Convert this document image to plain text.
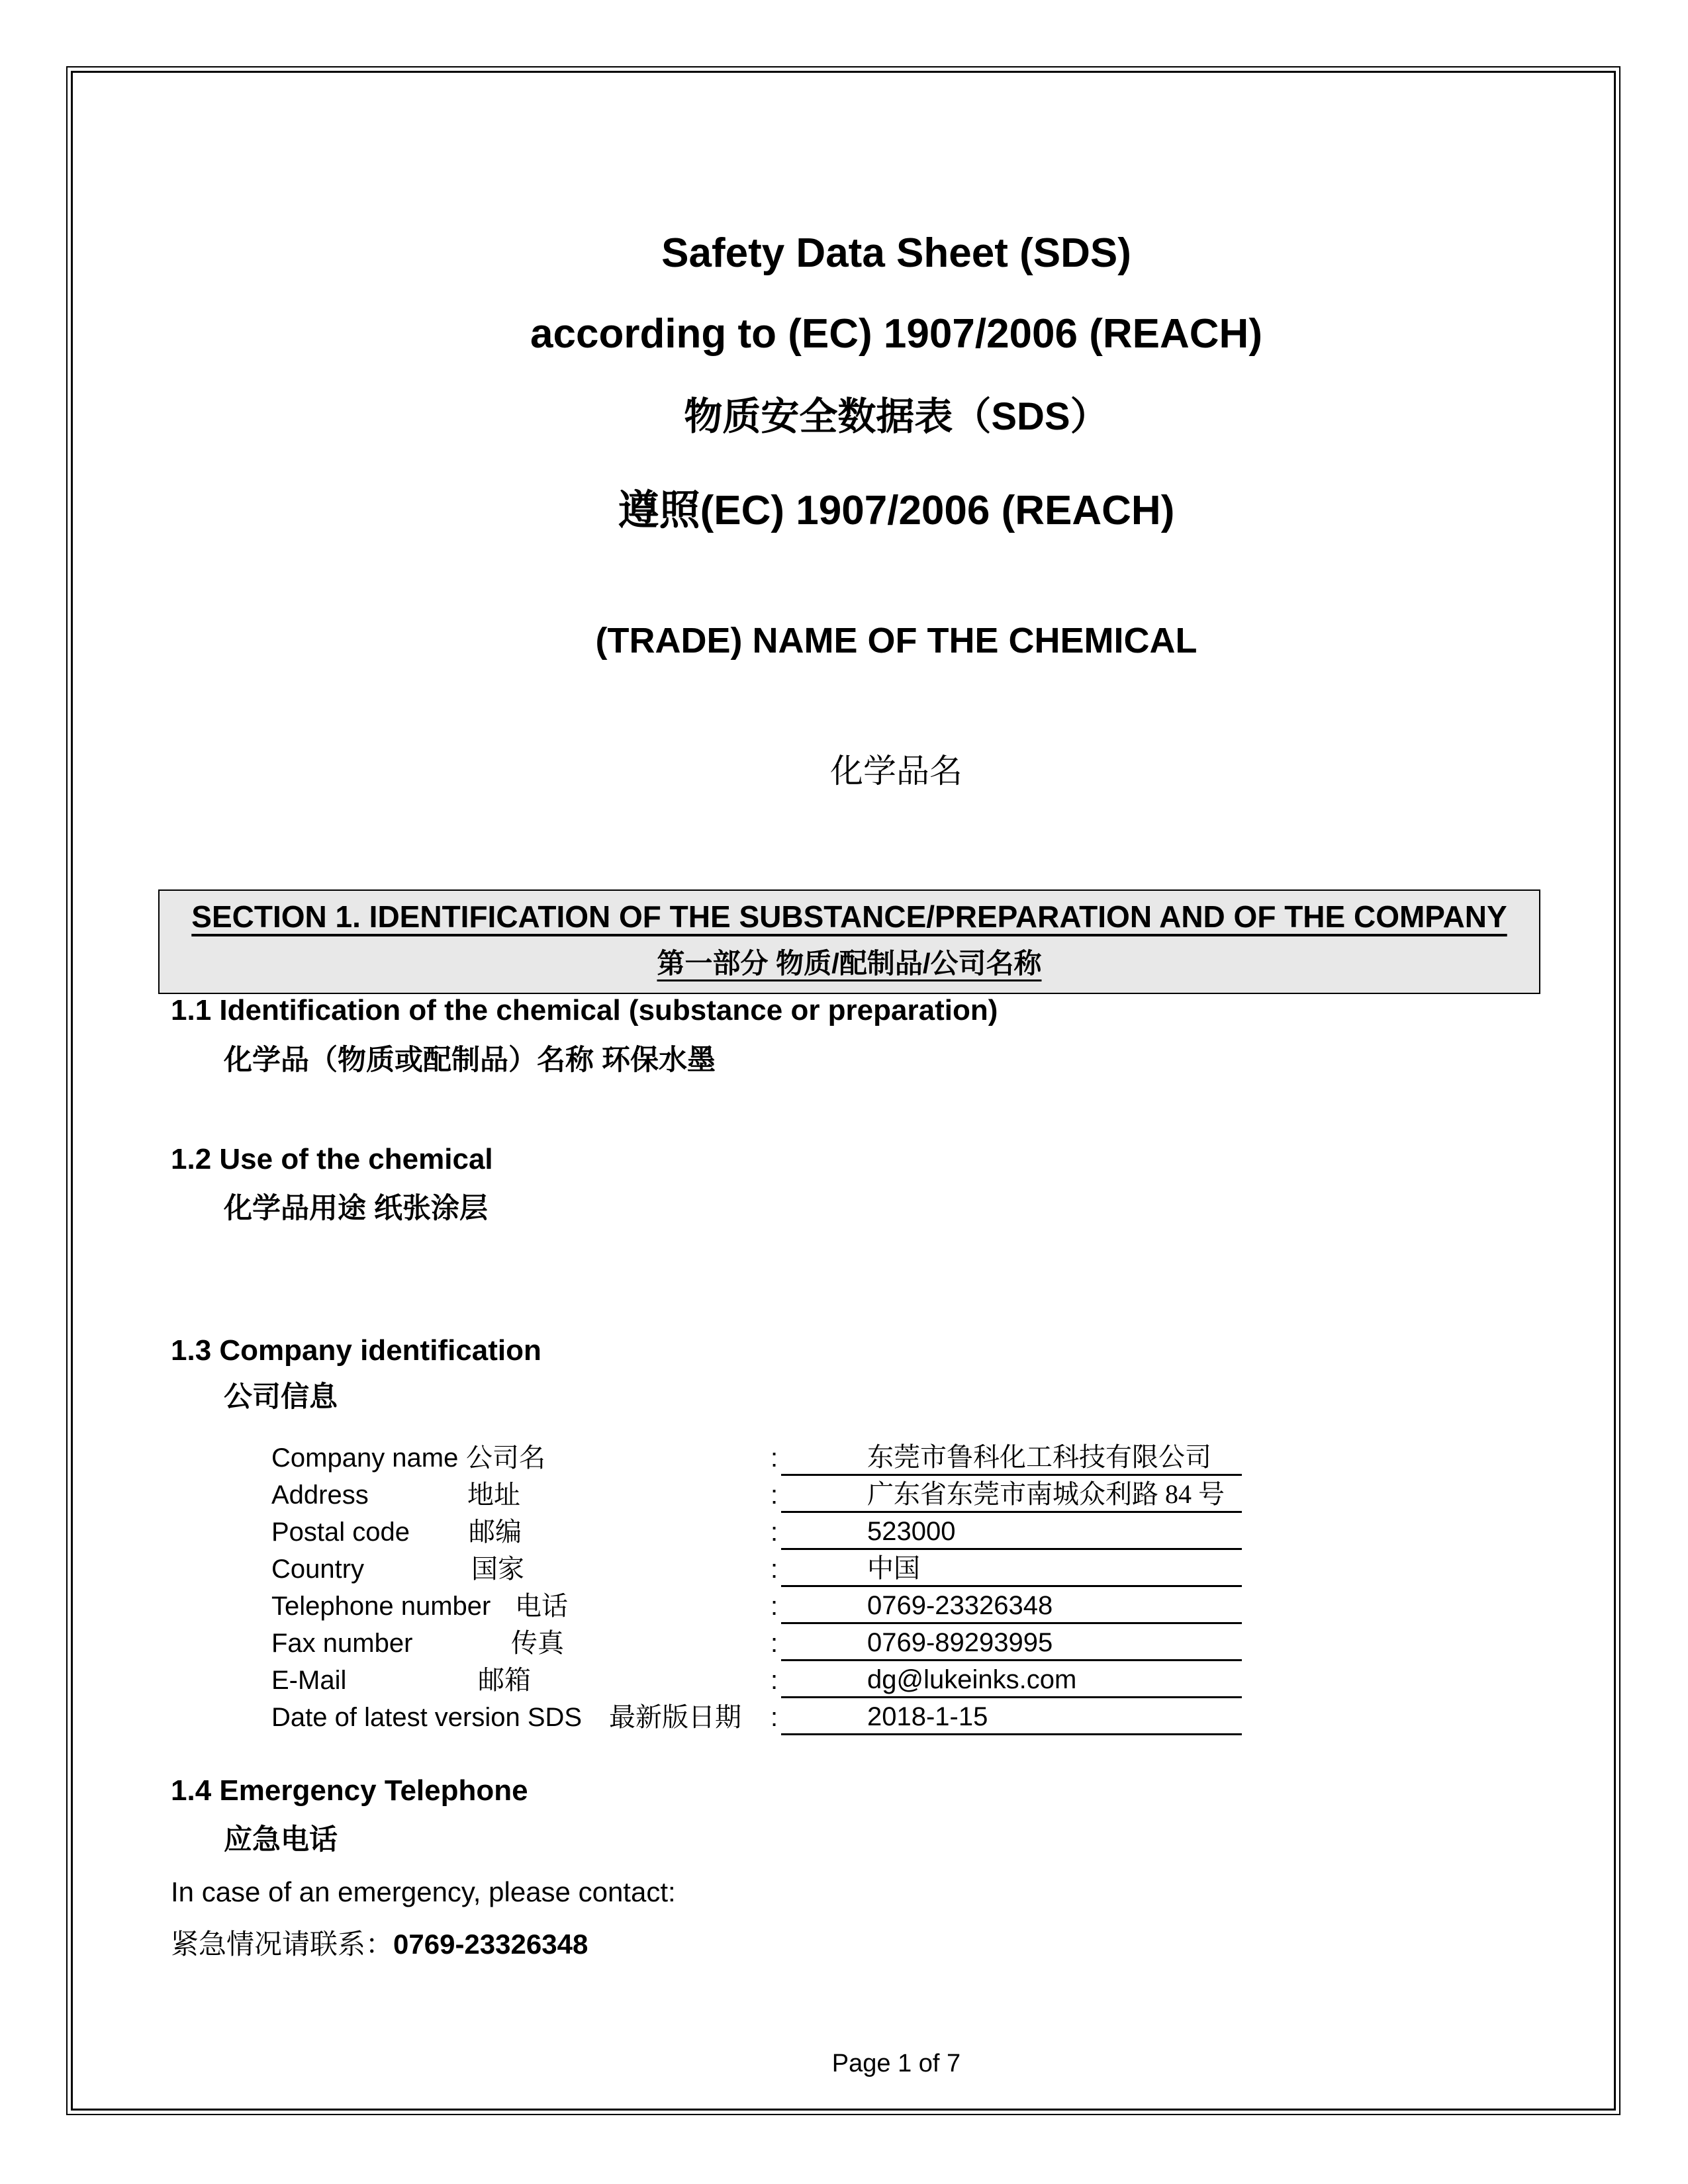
Safety Data Sheet (SDS)
according to (EC) 1907/2006 (REACH)
物质安全数据表（SDS）
遵照(EC) 1907/2006 (REACH)
(TRADE) NAME OF THE CHEMICAL
化学品名
SECTION 1. IDENTIFICATION OF THE SUBSTANCE/PREPARATION AND OF THE COMPANY
第一部分 物质/配制品/公司名称
1.1 Identification of the chemical (substance or preparation)
化学品（物质或配制品）名称 环保水墨
1.2 Use of the chemical
化学品用途 纸张涂层
1.3 Company identification
公司信息
Company name 公司名	:	东莞市鲁科化工科技有限公司
Address	地址	:	广东省东莞市南城众利路 84 号
Postal code 邮编	:	523000
Country	国家	:	中国
Telephone number 电话	:	0769-23326348
Fax number	传真	:	0769-89293995
E-Mail	邮箱	:	dg@lukeinks.com
Date of latest version SDS 最新版日期 :	2018-1-15
1.4 Emergency Telephone
应急电话
In case of an emergency, please contact:
紧急情况请联系：0769-23326348
Page 1 of 7
